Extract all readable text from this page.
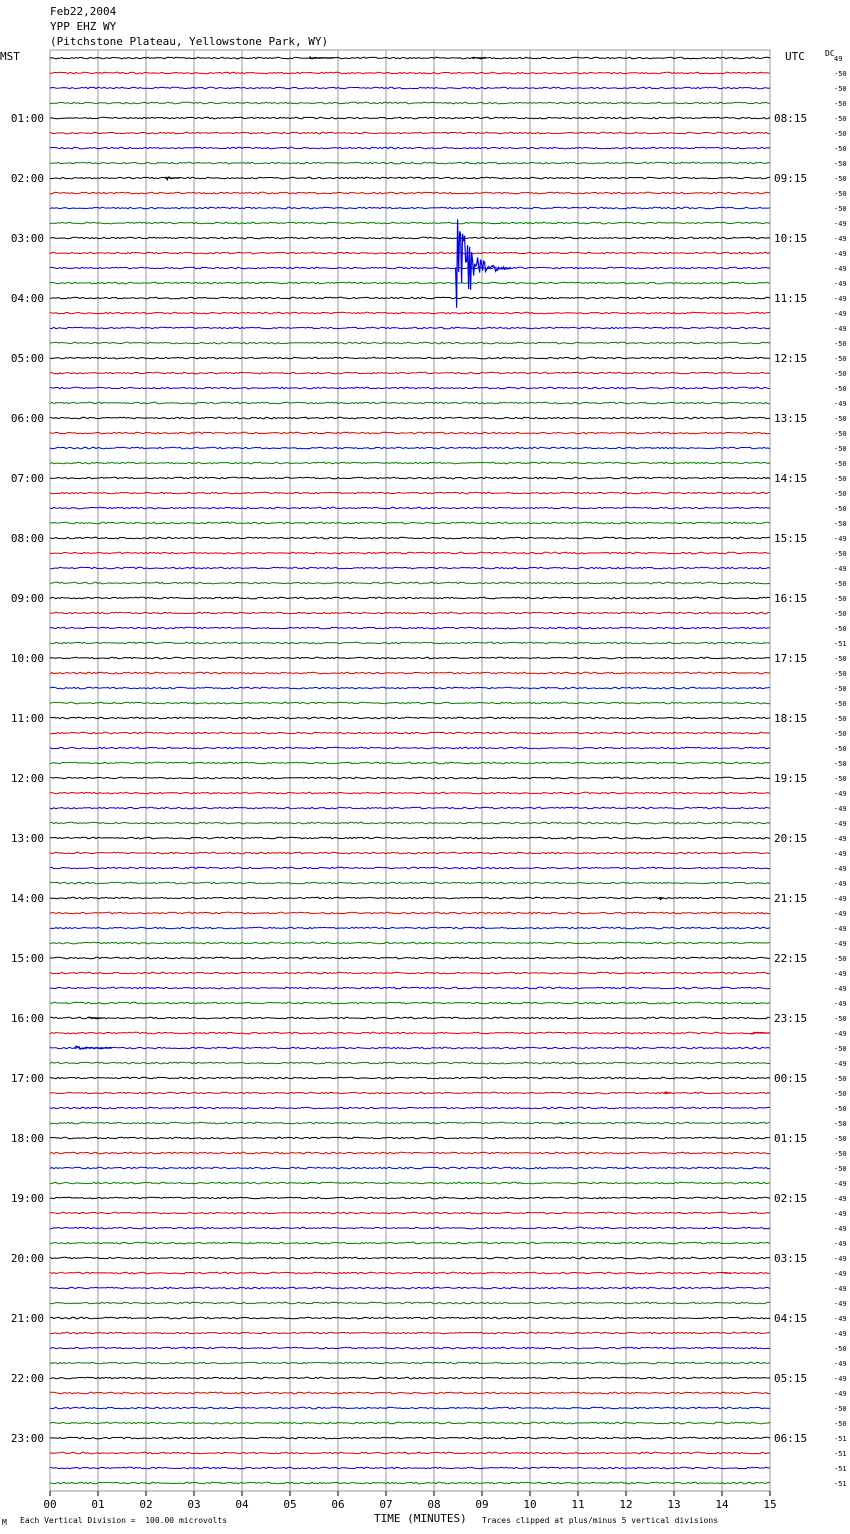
Feb22,2004
YPP EHZ WY
(Pitchstone Plateau, Yellowstone Park, WY)
MST	UTC	DC
01:00	08:15
02:00	09:15
03:00	10:15
04:00	11:15
05:00	12:15
06:00	13:15
07:00	14:15
08:00	15:15
09:00	16:15
10:00	17:15
11:00	18:15
12:00	19:15
13:00	20:15
14:00	21:15
15:00	22:15
16:00	23:15
17:00	00:15
18:00	01:15
19:00	02:15
20:00	03:15
21:00	04:15
22:00	05:15
23:00	06:15
49
-50
-50
-50
-50
-50
-50
-50
-50
-50
-50
-49
-49
-49
-49
-49
-49
-49
-49
-50
-50
-50
-50
-49
-50
-50
-50
-50
-50
-50
-50
-50
-49
-50
-49
-50
-50
-50
-50
-51
-50
-50
-50
-50
-50
-50
-50
-50
-50
-49
-49
-49
-49
-49
-49
-49
-49
-49
-49
-49
-50
-49
-49
-49
-50
-49
-50
-49
-50
-50
-50
-50
-50
-50
-50
-49
-49
-49
-49
-49
-49
-49
-49
-49
-49
-49
-50
-49
-49
-49
-50
-50
-51
-51
-51
-51
00	01	02	03	04	05	06	07	08	09	10	11	12	13	14	15
M Each Vertical Division =  100.00 microvolts	TIME (MINUTES) Traces clipped at plus/minus 5 vertical divisions
